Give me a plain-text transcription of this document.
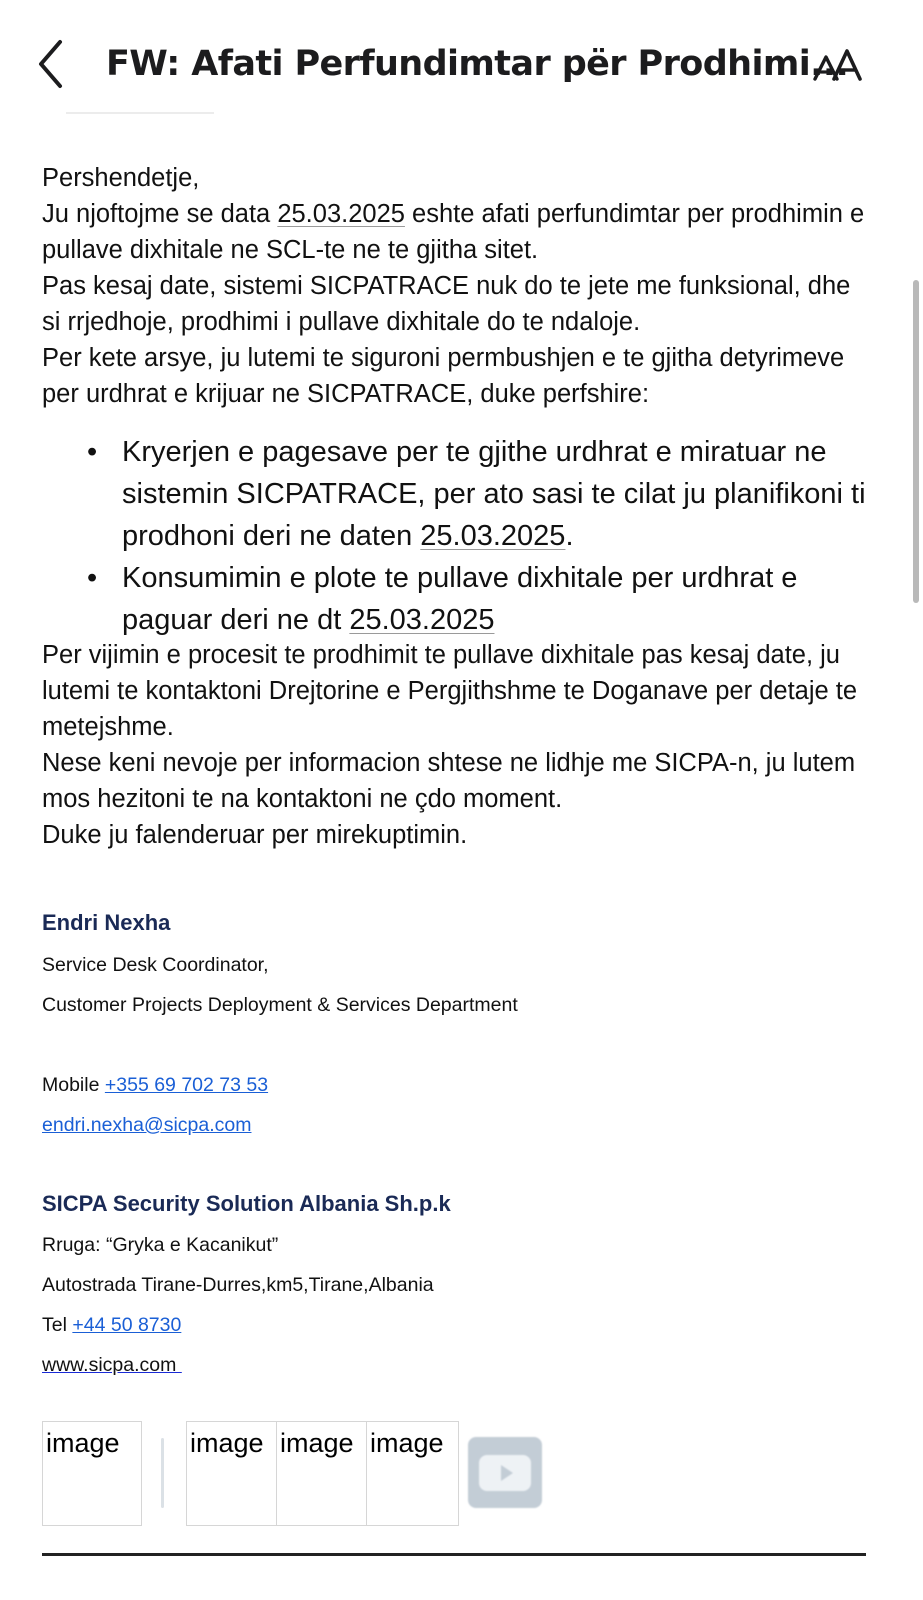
FW: Afati Perfundimtar për Prodhimi...

Pershendetje,

Ju njoftojme se data 25.03.2025 eshte afati perfundimtar per prodhimin e pullave dixhitale ne SCL-te ne te gjitha sitet.

Pas kesaj date, sistemi SICPATRACE nuk do te jete me funksional, dhe si rrjedhoje, prodhimi i pullave dixhitale do te ndaloje.

Per kete arsye, ju lutemi te siguroni permbushjen e te gjitha detyrimeve per urdhrat e krijuar ne SICPATRACE, duke perfshire:

• Kryerjen e pagesave per te gjithe urdhrat e miratuar ne sistemin SICPATRACE, per ato sasi te cilat ju planifikoni ti prodhoni deri ne daten 25.03.2025.
• Konsumimin e plote te pullave dixhitale per urdhrat e paguar deri ne dt 25.03.2025

Per vijimin e procesit te prodhimit te pullave dixhitale pas kesaj date, ju lutemi te kontaktoni Drejtorine e Pergjithshme te Doganave per detaje te metejshme.

Nese keni nevoje per informacion shtese ne lidhje me SICPA-n, ju lutem mos hezitoni te na kontaktoni ne çdo moment.

Duke ju falenderuar per mirekuptimin.

Endri Nexha
Service Desk Coordinator,
Customer Projects Deployment & Services Department
Mobile +355 69 702 73 53
endri.nexha@sicpa.com
SICPA Security Solution Albania Sh.p.k
Rruga: “Gryka e Kacanikut”
Autostrada Tirane-Durres,km5,Tirane,Albania
Tel +44 50 8730
www.sicpa.com
image	image image image
